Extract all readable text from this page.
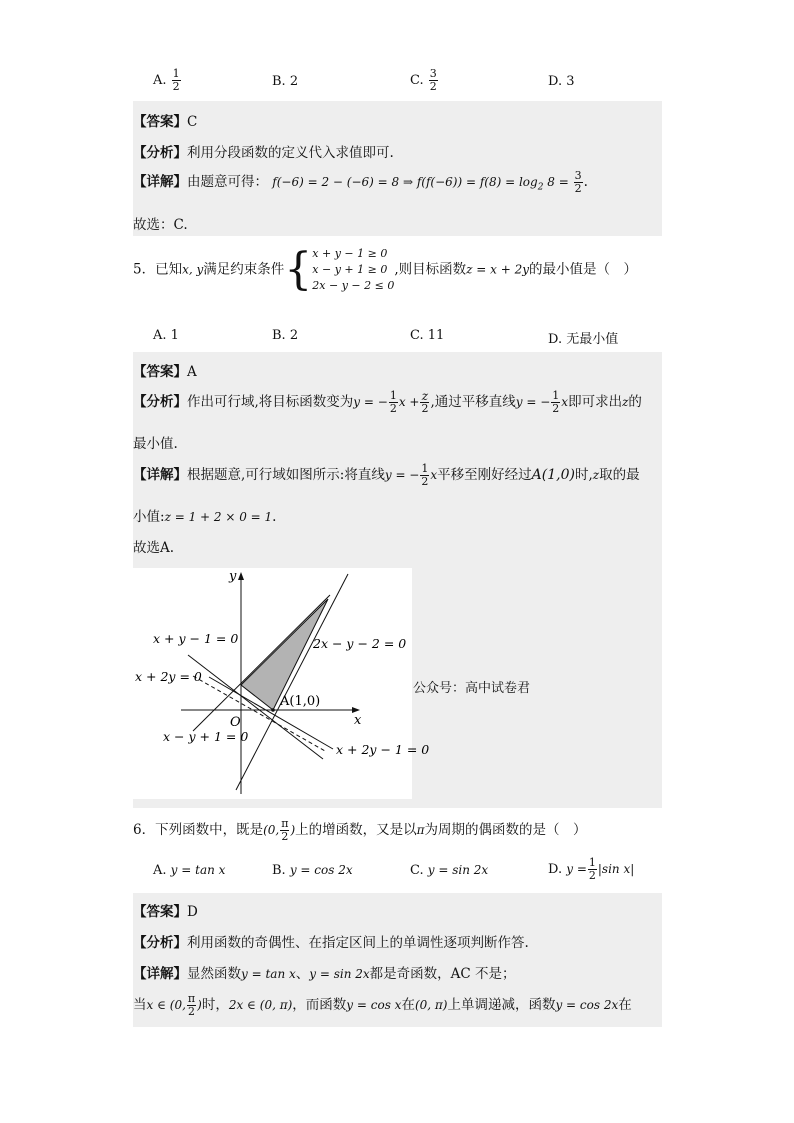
A. $\frac{1}{2}$	B. 2	C. $\frac{3}{2}$	D. 3
【答案】C
【分析】利用分段函数的定义代入求值即可.
【详解】由题意可得： f(−6) = 2 − (−6) = 8 ⇒ $f(f(-6)) = f(8) = \log_2 8 = \frac{3}{2}$ .
故选：C.
5．已知x, y满足约束条件{ x + y − 1 ≥ 0
x − y + 1 ≥ 0
2x − y − 2 ≤ 0
,则目标函数z = x + 2y的最小值是（　）
A. 1	B. 2	C. 11	D. 无最小值
【答案】A
【分析】作出可行域,将目标函数变为y = − $\frac{1}{2}$ $x + \frac{z}{2}$ ,通过平移直线y = − $\frac{1}{2}$ x即可求出z的
最小值.
【详解】根据题意,可行域如图所示:将直线y = − $\frac{1}{2}$ x平移至刚好经过A(1,0)时,z取的最
小值:z = 1 + 2 × 0 = 1.
故选A.
y
x
O
A(1,0)
x + y − 1 = 0	2x − y − 2 = 0
x + 2y = 0
x − y + 1 = 0
x + 2y − 1 = 0
公众号：高中试卷君
6．下列函数中，既是(0, $\frac{\pi}{2}$ )上的增函数，又是以π为周期的偶函数的是（　）
A. y = tan x	B. y = cos 2x	C. y = sin 2x	D. $y = \frac{1}{2} |\sin$ x|
【答案】D
【分析】利用函数的奇偶性、在指定区间上的单调性逐项判断作答.
【详解】显然函数y = tan x、y = sin 2x都是奇函数，AC 不是；
当x ∈ (0, $\frac{\pi}{2}$ )时，2x ∈ (0, π)，而函数y = cos x在(0, π)上单调递减，函数y = cos 2x在
